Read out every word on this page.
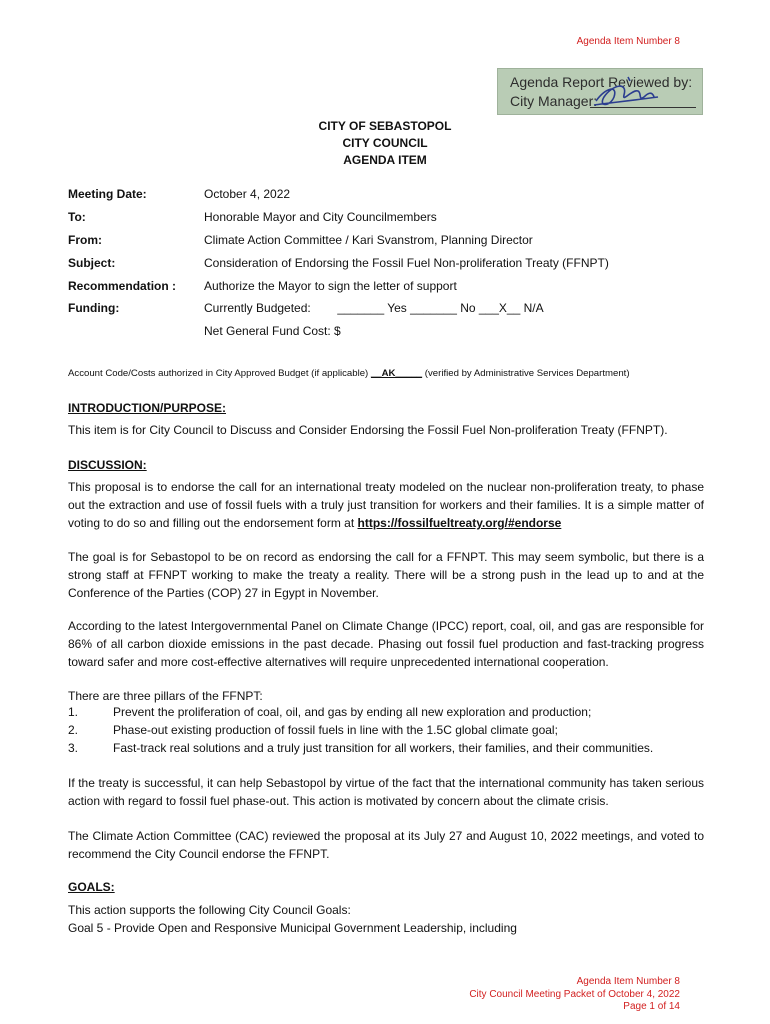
Agenda Item Number 8
Agenda Report Reviewed by:
City Manager:
CITY OF SEBASTOPOL
CITY COUNCIL
AGENDA ITEM
Meeting Date:	October 4, 2022
To:	Honorable Mayor and City Councilmembers
From:	Climate Action Committee / Kari Svanstrom, Planning Director
Subject:	Consideration of Endorsing the Fossil Fuel Non-proliferation Treaty (FFNPT)
Recommendation : Authorize the Mayor to sign the letter of support
Funding:	Currently Budgeted:        _______ Yes _______ No ___X__ N/A
Net General Fund Cost: $
Account Code/Costs authorized in City Approved Budget (if applicable) __AK_____ (verified by Administrative Services Department)
INTRODUCTION/PURPOSE:
This item is for City Council to Discuss and Consider Endorsing the Fossil Fuel Non-proliferation Treaty (FFNPT).
DISCUSSION:
This proposal is to endorse the call for an international treaty modeled on the nuclear non-proliferation treaty, to phase out the extraction and use of fossil fuels with a truly just transition for workers and their families. It is a simple matter of voting to do so and filling out the endorsement form at https://fossilfueltreaty.org/#endorse
The goal is for Sebastopol to be on record as endorsing the call for a FFNPT. This may seem symbolic, but there is a strong staff at FFNPT working to make the treaty a reality. There will be a strong push in the lead up to and at the Conference of the Parties (COP) 27 in Egypt in November.
According to the latest Intergovernmental Panel on Climate Change (IPCC) report, coal, oil, and gas are responsible for 86% of all carbon dioxide emissions in the past decade. Phasing out fossil fuel production and fast-tracking progress toward safer and more cost-effective alternatives will require unprecedented international cooperation.
There are three pillars of the FFNPT:
1.	Prevent the proliferation of coal, oil, and gas by ending all new exploration and production;
2.	Phase-out existing production of fossil fuels in line with the 1.5C global climate goal;
3.	Fast-track real solutions and a truly just transition for all workers, their families, and their communities.
If the treaty is successful, it can help Sebastopol by virtue of the fact that the international community has taken serious action with regard to fossil fuel phase-out. This action is motivated by concern about the climate crisis.
The Climate Action Committee (CAC) reviewed the proposal at its July 27 and August 10, 2022 meetings, and voted to recommend the City Council endorse the FFNPT.
GOALS:
This action supports the following City Council Goals:
Goal 5 - Provide Open and Responsive Municipal Government Leadership, including
Agenda Item Number 8
City Council Meeting Packet of October 4, 2022
Page 1 of 14
